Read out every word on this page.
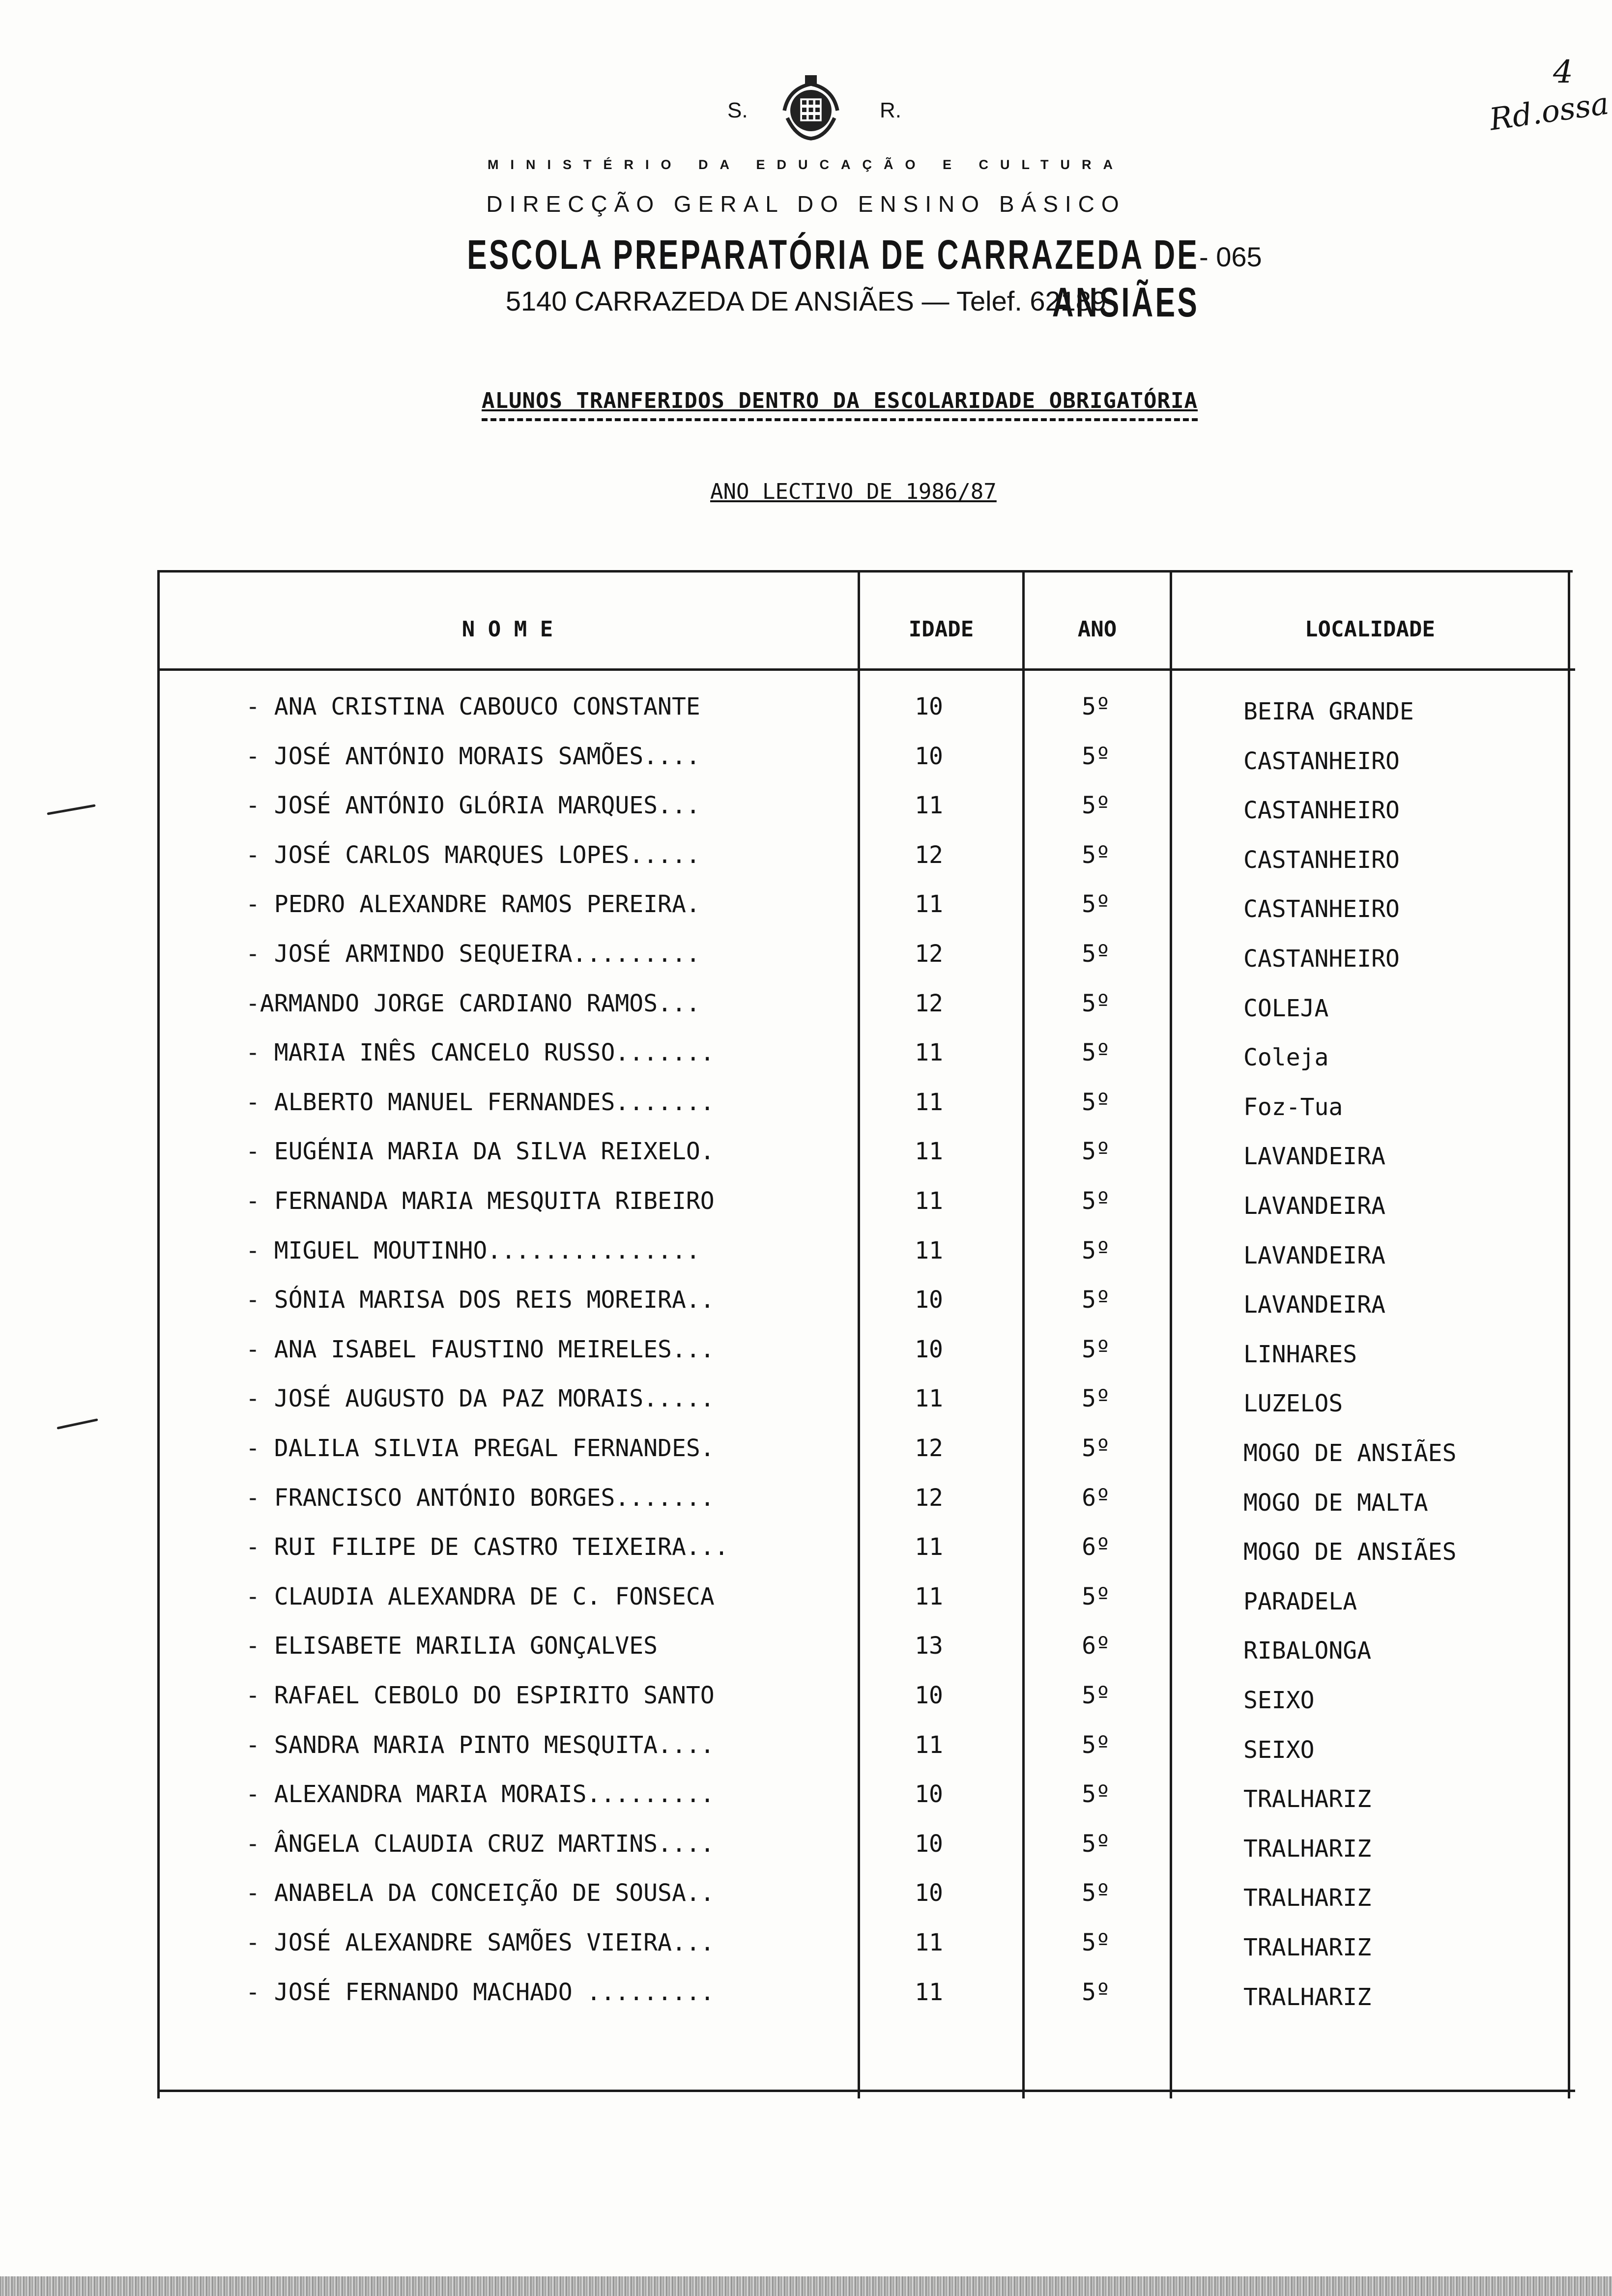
S.	R.
MINISTÉRIO DA EDUCAÇÃO E CULTURA
DIRECÇÃO GERAL DO ENSINO BÁSICO
ESCOLA PREPARATÓRIA DE CARRAZEDA DE ANSIÃES
- 065
5140 CARRAZEDA DE ANSIÃES — Telef. 62189
4
Rd.ossa
ALUNOS TRANFERIDOS DENTRO DA ESCOLARIDADE OBRIGATÓRIA
ANO LECTIVO DE 1986/87
N O M E	IDADE	ANO	LOCALIDADE
- ANA CRISTINA CABOUCO CONSTANTE	10	5º	BEIRA GRANDE
- JOSÉ ANTÓNIO MORAIS SAMÕES....	10	5º	CASTANHEIRO
- JOSÉ ANTÓNIO GLÓRIA MARQUES...	11	5º	CASTANHEIRO
- JOSÉ CARLOS MARQUES LOPES.....	12	5º	CASTANHEIRO
- PEDRO ALEXANDRE RAMOS PEREIRA.	11	5º	CASTANHEIRO
- JOSÉ ARMINDO SEQUEIRA.........	12	5º	CASTANHEIRO
-ARMANDO JORGE CARDIANO RAMOS...	12	5º	COLEJA
- MARIA INÊS CANCELO RUSSO.......	11	5º	Coleja
- ALBERTO MANUEL FERNANDES.......	11	5º	Foz-Tua
- EUGÉNIA MARIA DA SILVA REIXELO.	11	5º	LAVANDEIRA
- FERNANDA MARIA MESQUITA RIBEIRO	11	5º	LAVANDEIRA
- MIGUEL MOUTINHO...............	11	5º	LAVANDEIRA
- SÓNIA MARISA DOS REIS MOREIRA..	10	5º	LAVANDEIRA
- ANA ISABEL FAUSTINO MEIRELES...	10	5º	LINHARES
- JOSÉ AUGUSTO DA PAZ MORAIS.....	11	5º	LUZELOS
- DALILA SILVIA PREGAL FERNANDES.	12	5º	MOGO DE ANSIÃES
- FRANCISCO ANTÓNIO BORGES.......	12	6º	MOGO DE MALTA
- RUI FILIPE DE CASTRO TEIXEIRA...	11	6º	MOGO DE ANSIÃES
- CLAUDIA ALEXANDRA DE C. FONSECA	11	5º	PARADELA
- ELISABETE MARILIA GONÇALVES	13	6º	RIBALONGA
- RAFAEL CEBOLO DO ESPIRITO SANTO	10	5º	SEIXO
- SANDRA MARIA PINTO MESQUITA....	11	5º	SEIXO
- ALEXANDRA MARIA MORAIS.........	10	5º	TRALHARIZ
- ÂNGELA CLAUDIA CRUZ MARTINS....	10	5º	TRALHARIZ
- ANABELA DA CONCEIÇÃO DE SOUSA..	10	5º	TRALHARIZ
- JOSÉ ALEXANDRE SAMÕES VIEIRA...	11	5º	TRALHARIZ
- JOSÉ FERNANDO MACHADO .........	11	5º	TRALHARIZ
